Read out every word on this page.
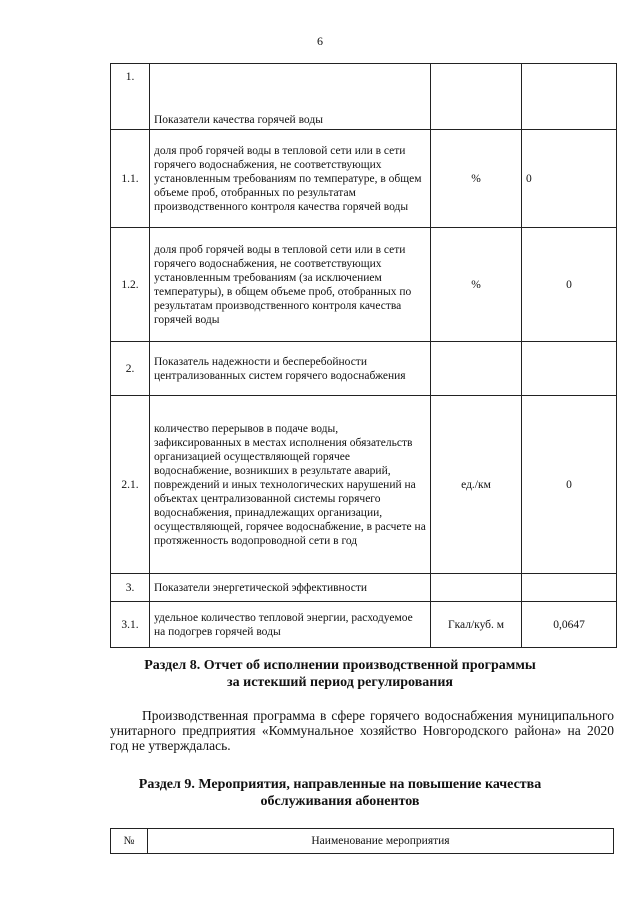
6
1.	Показатели качества горячей воды		
1.1.	доля проб горячей воды в тепловой сети или в сети горячего водоснабжения, не соответствующих установленным требованиям по температуре, в общем объеме проб, отобранных по результатам производственного контроля качества горячей воды	%	0
1.2.	доля проб горячей воды в тепловой сети или в сети горячего водоснабжения, не соответствующих установленным требованиям (за исключением температуры), в общем объеме проб, отобранных по результатам производственного контроля качества горячей воды	%	0
2.	Показатель надежности и бесперебойности централизованных систем горячего водоснабжения		
2.1.	количество перерывов в подаче воды, зафиксированных в местах исполнения обязательств организацией осуществляющей горячее водоснабжение, возникших в результате аварий, повреждений и иных технологических нарушений на объектах централизованной системы горячего водоснабжения, принадлежащих организации, осуществляющей, горячее водоснабжение, в расчете на протяженность водопроводной сети в год	ед./км	0
3.	Показатели энергетической эффективности		
3.1.	удельное количество тепловой энергии, расходуемое на подогрев горячей воды	Гкал/куб. м	0,0647
Раздел 8. Отчет об исполнении производственной программы
за истекший период регулирования
Производственная программа в сфере горячего водоснабжения муниципального унитарного предприятия «Коммунальное хозяйство Новгородского района» на 2020 год не утверждалась.
Раздел 9. Мероприятия, направленные на повышение качества
обслуживания абонентов
№	Наименование мероприятия
